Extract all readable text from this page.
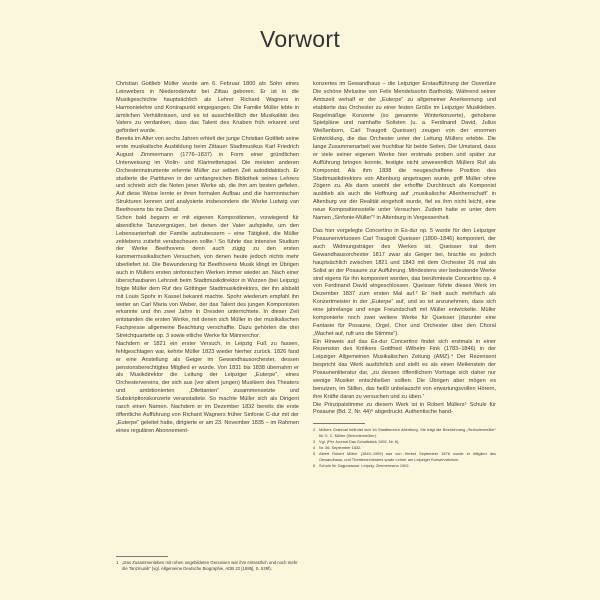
Vorwort

Christian Gottlieb Müller wurde am 6. Februar 1800 als Sohn eines Leinwebers in Niederoderwitz bei Zittau geboren. Er ist in die Musikgeschichte hauptsächlich als Lehrer Richard Wagners in Harmonielehre und Kontrapunkt eingegangen. Die Familie Müller lebte in ärmlichen Verhältnissen, und es ist ausschließlich der Musikalität des Vaters zu verdanken, dass das Talent des Knaben früh erkannt und gefördert wurde.

Bereits im Alter von sechs Jahren erhielt der junge Christian Gottlieb seine erste musikalische Ausbildung beim Zittauer Stadtmusikus Karl Friedrich August Zimmermann (1776–1837) in Form einer gründlichen Unterweisung im Violin- und Klarinettenspiel. Die meisten anderen Orchesterinstrumente erlernte Müller zur selben Zeit autodidaktisch. Er studierte die Partituren in der umfangreichen Bibliothek seines Lehrers und schrieb sich die Noten jener Werke ab, die ihm am besten gefielen. Auf diese Weise lernte er ihren formalen Aufbau und die harmonischen Strukturen kennen und analysierte insbesondere die Werke Ludwig van Beethovens bis ins Detail.

Schon bald begann er mit eigenen Kompositionen, vorwiegend für abendliche Tanzvergnügen, bei denen der Vater aufspielte, um den Lebensunterhalt der Familie aufzubessern – eine Tätigkeit, die Müller zeitlebens zutiefst verabscheuen sollte.¹ So führte das intensive Studium der Werke Beethovens denn auch zügig zu den ersten kammermusikalischen Versuchen, von denen heute jedoch nichts mehr überliefert ist. Die Bewunderung für Beethovens Musik klingt im Übrigen auch in Müllers ersten sinfonischen Werken immer wieder an. Nach einer überschaubaren Lehrzeit beim Stadtmusikdirektor in Wurzen (bei Leipzig) folgte Müller dem Ruf des Göttinger Stadtmusikdirektors, der ihn alsbald mit Louis Spohr in Kassel bekannt machte. Spohr wiederum empfahl ihn weiter an Carl Maria von Weber, der das Talent des jungen Komponisten erkannte und ihn zwei Jahre in Dresden unterrichtete. In dieser Zeit entstanden die ersten Werke, mit denen sich Müller in der musikalischen Fachpresse allgemeine Beachtung verschaffte. Dazu gehörten die drei Streichquartette op. 3 sowie etliche Werke für Männerchor.

Nachdem er 1821 ein erster Versuch, in Leipzig Fuß zu fassen, fehlgeschlagen war, kehrte Müller 1823 wieder hierher zurück. 1826 fand er eine Anstellung als Geiger im Gewandhausorchester, dessen pensionsberechtigtes Mitglied er wurde. Von 1831 bis 1838 übernahm er als Musikdirektor die Leitung der Leipziger „Euterpe“, eines Orchestervereins, der sich aus (vor allem jungen) Musikern des Theaters und ambitionierten „Dilettanten“ zusammensetzte und Subskriptionskonzerte veranstaltete. So machte Müller sich als Dirigent rasch einen Namen. Nachdem er im Dezember 1832 bereits die erste öffentliche Aufführung von Richard Wagners früher Sinfonie C-dur mit der „Euterpe“ geleitet hatte, dirigierte er am 23. November 1835 – im Rahmen eines regulären Abonnement-

1 „Das Zusammenleben mit rohen ungebildeten Genossen war ihm entsetzlich und noch mehr die Tanzmusik“ (vgl. Allgemeine Deutsche Biographie, ADB 22 [1885], S. 529f).

konzertes im Gewandhaus – die Leipziger Erstaufführung der Ouvertüre Die schöne Melusine von Felix Mendelssohn Bartholdy. Während seiner Amtszeit verhalf er der „Euterpe“ zu allgemeiner Anerkennung und etablierte das Orchester zu einer festen Größe im Leipziger Musikleben. Regelmäßige Konzerte (so genannte Winterkonzerte), gehobene Spielpläne und namhafte Solisten (u. a. Ferdinand David, Julius Weißenborn, Carl Traugott Queisser) zeugen von der enormen Entwicklung, die das Orchester unter der Leitung Müllers erlebte. Die lange Zusammenarbeit war fruchtbar für beide Seiten. Der Umstand, dass er viele seiner eigenen Werke hier erstmals proben und später zur Aufführung bringen konnte, festigte nicht unwesentlich Müllers Ruf als Komponist. Als ihm 1838 die neugeschaffene Position des Stadtmusikdirektors von Altenburg angetragen wurde, griff Müller ohne Zögern zu. Als dann sowohl der erhoffte Durchbruch als Komponist ausblieb als auch die Hoffnung auf „musikalische Allenherrschaft“ in Altenburg vor der Realität eingeholt wurde, fiel es ihm nicht leicht, eine neue Kompositionsstelle unter Versuchen. Zudem hatte er unter dem Namen „Sinfonie-Müller“² in Altenburg in Vergessenheit.

Das hier vorgelegte Concertino in Es-dur op. 5 wurde für den Leipziger Posaunenvirtuosen Carl Traugott Queisser (1800–1846) komponiert, der auch Widmungsträger des Werkes ist. Queisser trat dem Gewandhausorchester 1817 zwar als Geiger bei, brachte es jedoch hauptsächlich zwischen 1821 und 1843 mit dem Orchester 26 mal als Solist an der Posaune zur Aufführung. Mindestens vier bedeutende Werke sind eigens für ihn komponiert worden, das berühmteste Concertino op. 4 von Ferdinand David eingeschlossen. Queisser führte dieses Werk im Dezember 1837 zum ersten Mal auf.³ Er hielt auch mehrfach als Konzertmeister in der „Euterpe“ auf, und so ist anzunehmen, dass sich eine jahrelange und enge Freundschaft mit Müller entwickelte. Müller komponierte noch zwei weitere Werke für Queisser (darunter eine Fantasie für Posaune, Orgel, Chor und Orchester über den Choral „Wachet auf, ruft uns die Stimme“).

Ein Hinweis auf das Es-dur Concertino findet sich erstmals in einer Rezension des Kritikers Gottfried Wilhelm Fink (1783–1846) in der Leipziger Allgemeinen Musikalischen Zeitung (AMZ).⁴ Der Rezensent bespricht das Werk ausführlich und stellt es als einen Meilenstein der Posaunenliteratur dar, „zu dessen öffentlichem Vortrage sich daher nur wenige Musiker entschließen sollten. Die Übrigen aber mögen es benutzen, im Stillen, das heißt unbelauscht von erwartungsvollen Hörern, ihre Kräfte daran zu versuchen und zu üben.“

Die Prinzipalstimme zu diesem Werk ist in Robert Müllers⁵ Schule für Posaune (Bd. 2, Nr. 44)⁶ abgedruckt. Authentische hand-

2 Müllers Grabmal befindet sich im Stadtbereich Altenburg. Sie trägt die Bezeichnung „Sinfonienmüller“ für G. C. Müller (Sinfonienmüller).
3 Vgl. (Per Journal Das Schaltstück 1992, Nr. 6).
4 Nr. 36, September 1832.
5 Albert Robert Müller (1849–1909) war von Herbst September 1876 wurde er Mitglied des Gewandhaus- und Theaterorchesters sowie Lehrer am Leipziger Konservatorium.
6 Schule für Zugposaune. Leipzig: Zimmermann 1902.
